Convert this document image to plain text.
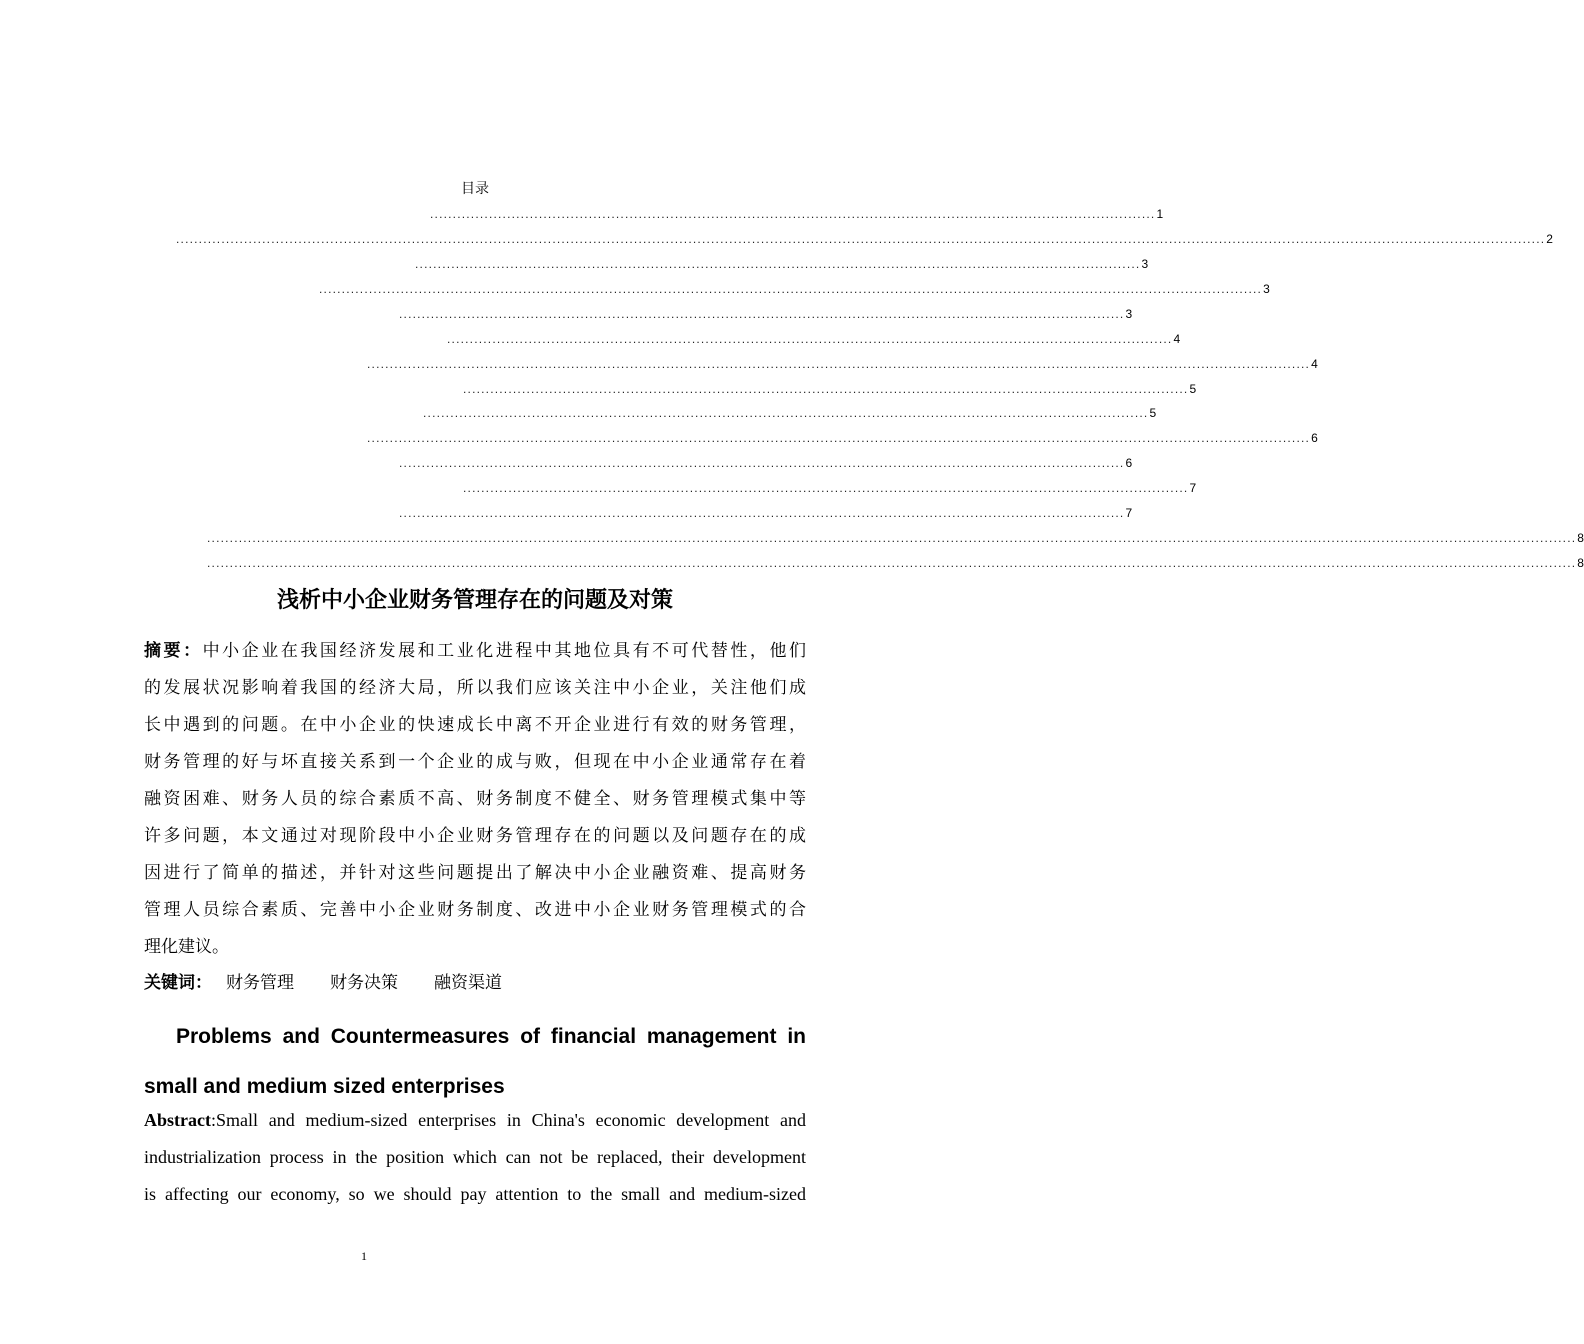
目录
................................................................................................................................................................ 1
.............................................................................................................................................................................................................................................................................................................. 2
................................................................................................................................................................ 3
................................................................................................................................................................................................................ 3
................................................................................................................................................................ 3
................................................................................................................................................................ 4
................................................................................................................................................................................................................ 4
................................................................................................................................................................ 5
................................................................................................................................................................ 5
................................................................................................................................................................................................................ 6
................................................................................................................................................................ 6
................................................................................................................................................................ 7
................................................................................................................................................................ 7
.............................................................................................................................................................................................................................................................................................................. 8
.............................................................................................................................................................................................................................................................................................................. 8
浅析中小企业财务管理存在的问题及对策
摘要：中小企业在我国经济发展和工业化进程中其地位具有不可代替性，他们
的发展状况影响着我国的经济大局，所以我们应该关注中小企业，关注他们成
长中遇到的问题。在中小企业的快速成长中离不开企业进行有效的财务管理，
财务管理的好与坏直接关系到一个企业的成与败，但现在中小企业通常存在着
融资困难、财务人员的综合素质不高、财务制度不健全、财务管理模式集中等
许多问题，本文通过对现阶段中小企业财务管理存在的问题以及问题存在的成
因进行了简单的描述，并针对这些问题提出了解决中小企业融资难、提高财务
管理人员综合素质、完善中小企业财务制度、改进中小企业财务管理模式的合
理化建议。
关键词： 财务管理 财务决策 融资渠道
Problems and Countermeasures of financial management in
small and medium sized enterprises
Abstract:Small and medium-sized enterprises in China's economic development and
industrialization process in the position which can not be replaced, their development
is affecting our economy, so we should pay attention to the small and medium-sized
1
